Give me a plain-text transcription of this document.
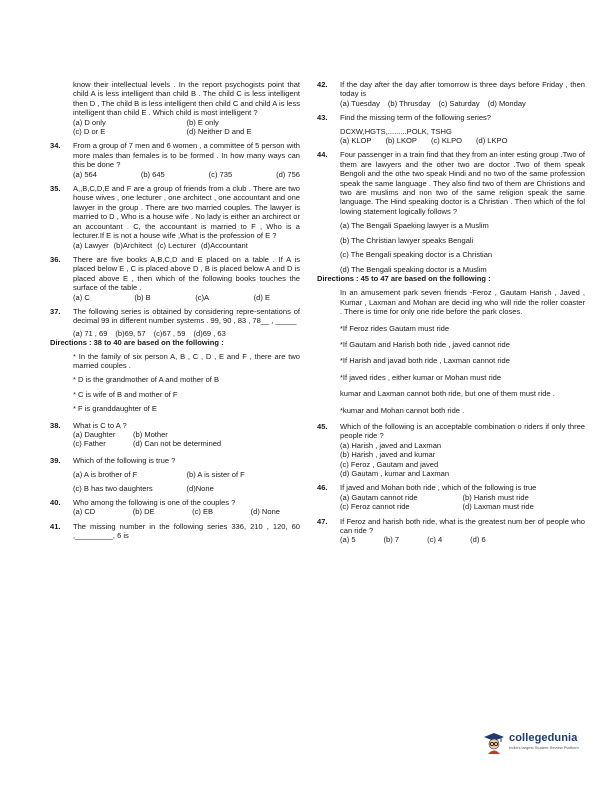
know their intellectual levels . In the report psychogists point that child A is less intelligent than child B . The child C is less intelligent then D , The child B is less intelligent then child C and child A is less intelligent than child E . Which child is most intelligent ?
(a) D only	(b) E only
(c) D or E	(d) Neither D and E
34.	From a group of 7 men and 6 women , a committee of 5 person with more males than females is to be formed . In how many ways can this be done ?
(a) 564	(b) 645	(c) 735	(d) 756
35.	A,,B,C,D,E and F are a group of friends from a club . There are two house wives , one lecturer , one architect , one accountant and one lawyer in the group . There are two married couples. The lawyer is married to D , Who is a house wife . No lady is either an archirect or an accountant . C, the accountant is married to F , Who is a lecturer.If E is not a house wife ,What is the profession of E ?
(a) Lawyer (b)Architect (c) Lecturer (d)Accountant
36.	There are five books A,B,C,D and E placed on a table . If A is placed below E , C is placed above D , B is placed below A and D is placed above E , then which of the following books touches the surface of the table .
(a) C	(b) B	(c)A	(d) E
37.	The following series is obtained by considering repre-sentations of decimal 99 in different number systems . 99, 90 , 83 , 78__ , _____
(a) 71 , 69 (b)69, 57 (c)67 , 59 (d)69 , 63
Directions : 38 to 40 are based on the following :
* In the family of six person A, B , C , D , E and F , there are two married couples .
* D is the grandmother of A and mother of B
* C is wife of B and mother of F
* F is granddaughter of E
38.	What is C to A ?
(a) Daughter	(b) Mother
(c) Father	(d) Can not be determined
39.	Which of the following is true ?
(a) A is brother of F	(b) A is sister of F
(c) B has two daughters	(d)None
40.	Who among the following is one of the couples ?
(a) CD	(b) DE	(c) EB	(d) None
41.	The missing number in the following series 336, 210 , 120, 60 ,_________, 6 is
42.	If the day after the day after tomorrow is three days before Friday , then today is
(a) Tuesday (b) Thrusday (c) Saturday (d) Monday
43.	Find the missing term of the following series?
DCXW,HGTS,.........POLK, TSHG
(a) KLOP (b) LKOP (c) KLPO (d) LKPO
44.	Four passenger in a train find that they from an inter esting group .Two of them are lawyers and the other two are doctor .Two of them speak Bengoli and the othe two speak Hindi and no two of the same profession speak the same language . They also find two of them are Christions and two are muslims and non two of the same religion speak the same language. The Hind speaking doctor is a Christian . Then which of the fol lowing statement logically follows ?
(a) The Bengali Spaeking lawyer is a Muslim
(b) The Christian lawyer speaks Bengali
(c) The Bengali speaking doctor is a Christian
(d) The Bengali speaking doctor is a Muslim
Directions : 45 to 47 are based on the following :
In an amusement park seven friends -Feroz , Gautam Harish , Javed , Kumar , Laxman and Mohan are decid ing who will ride the roller coaster . There is time for only one ride before the park closes.
*If Feroz rides Gautam must ride
*If Gautam and Harish both ride , javed cannot ride
*If Harish and javad both ride , Laxman cannot ride
*If javed rides , either kumar or Mohan must ride
kumar and Laxman cannot both ride, but one of them must ride .
*kumar and Mohan cannot both ride .
45.	Which of the following is an acceptable combination o riders if only three people ride ?
(a) Harish , javed and Laxman
(b) Harish , javed and kumar
(c) Feroz , Gautam and javed
(d) Gautam , kumar and Laxman
46.	If javed and Mohan both ride , which of the following is true
(a) Gautam cannot ride	(b) Harish must ride
(c) Feroz cannot ride	(d) Laxman must ride
47.	If Feroz and harish both ride, what is the greatest num ber of people who can ride ?
(a) 5	(b) 7	(c) 4	(d) 6
collegedunia
India's largest Student Review Platform
